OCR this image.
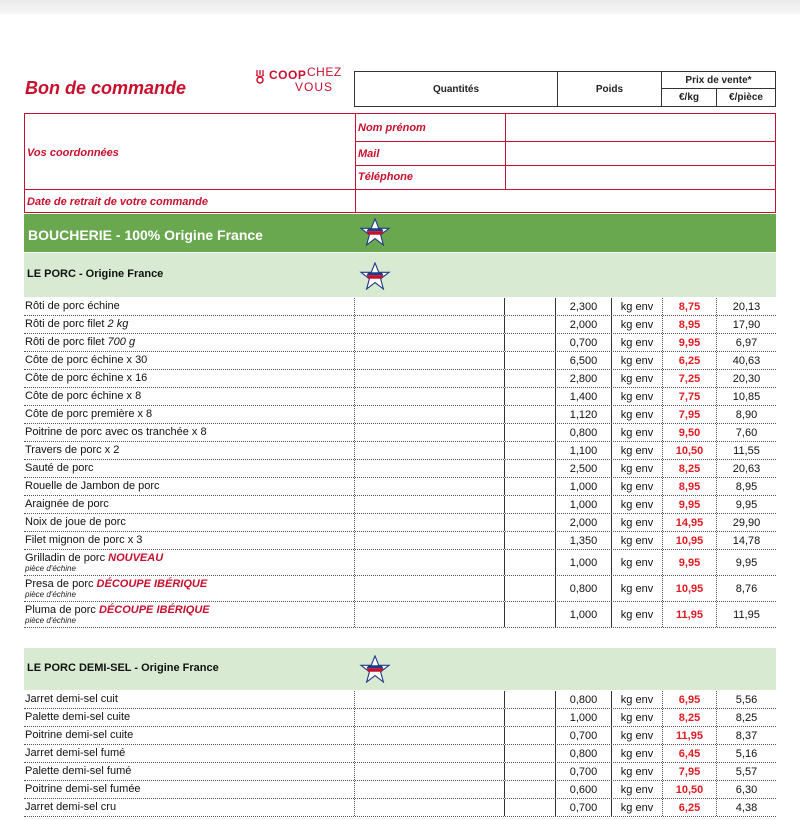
Bon de commande
COOP CHEZ
VOUS	Quantités	Poids
Prix de vente*
€/kg	€/pièce
Vos coordonnées
Nom prénom
Mail
Téléphone
Date de retrait de votre commande
BOUCHERIE - 100% Origine France
LE PORC - Origine France
Rôti de porc échine	2,300	kg env	8,75	20,13
Rôti de porc filet 2 kg	2,000	kg env	8,95	17,90
Rôti de porc filet 700 g	0,700	kg env	9,95	6,97
Côte de porc échine x 30	6,500	kg env	6,25	40,63
Côte de porc échine x 16	2,800	kg env	7,25	20,30
Côte de porc échine x 8	1,400	kg env	7,75	10,85
Côte de porc première x 8	1,120	kg env	7,95	8,90
Poitrine de porc avec os tranchée x 8	0,800	kg env	9,50	7,60
Travers de porc x 2	1,100	kg env	10,50	11,55
Sauté de porc	2,500	kg env	8,25	20,63
Rouelle de Jambon de porc	1,000	kg env	8,95	8,95
Araignée de porc	1,000	kg env	9,95	9,95
Noix de joue de porc	2,000	kg env	14,95	29,90
Filet mignon de porc x 3	1,350	kg env	10,95	14,78
Grilladin de porc NOUVEAU
pièce d'échine	1,000	kg env	9,95	9,95
Presa de porc DÉCOUPE IBÉRIQUE
pièce d'échine	0,800	kg env	10,95	8,76
Pluma de porc DÉCOUPE IBÉRIQUE
pièce d'échine	1,000	kg env	11,95	11,95
LE PORC DEMI-SEL - Origine France
Jarret demi-sel cuit	0,800	kg env	6,95	5,56
Palette demi-sel cuite	1,000	kg env	8,25	8,25
Poitrine demi-sel cuite	0,700	kg env	11,95	8,37
Jarret demi-sel fumé	0,800	kg env	6,45	5,16
Palette demi-sel fumé	0,700	kg env	7,95	5,57
Poitrine demi-sel fumée	0,600	kg env	10,50	6,30
Jarret demi-sel cru	0,700	kg env	6,25	4,38
